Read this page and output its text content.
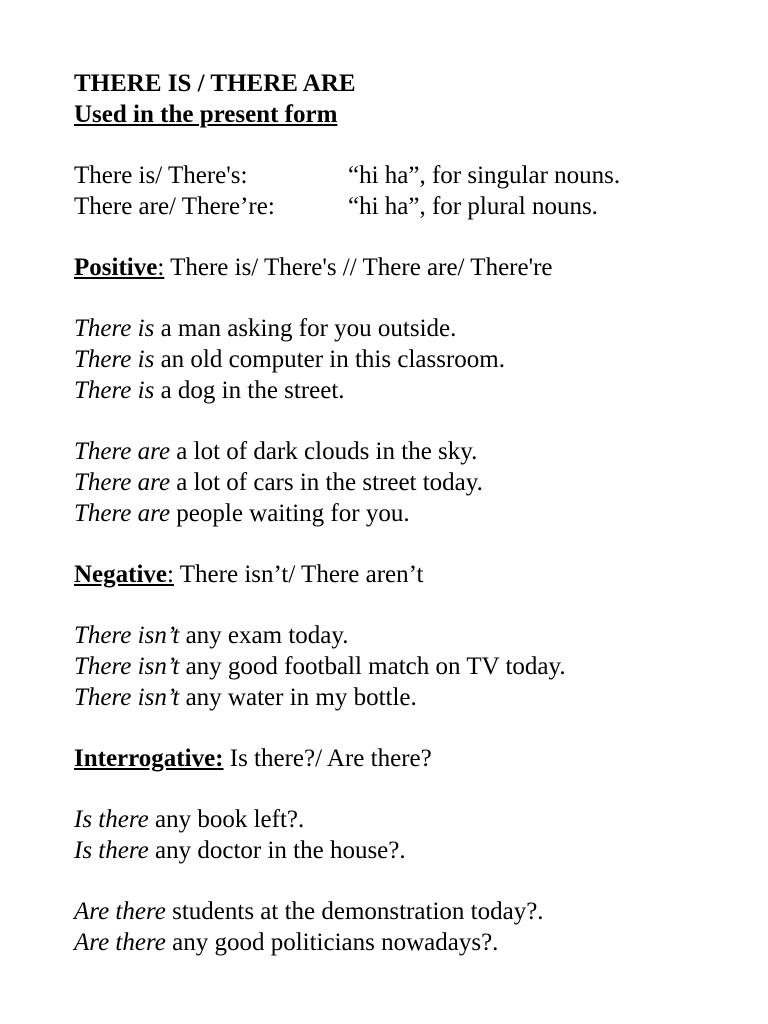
THERE IS / THERE ARE
Used in the present form
There is/ There's:	“hi ha”, for singular nouns.
There are/ There’re:	“hi ha”, for plural nouns.
Positive: There is/ There's // There are/ There're
There is a man asking for you outside.
There is an old computer in this classroom.
There is a dog in the street.
There are a lot of dark clouds in the sky.
There are a lot of cars in the street today.
There are people waiting for you.
Negative: There isn’t/ There aren’t
There isn’t any exam today.
There isn’t any good football match on TV today.
There isn’t any water in my bottle.
Interrogative: Is there?/ Are there?
Is there any book left?.
Is there any doctor in the house?.
Are there students at the demonstration today?.
Are there any good politicians nowadays?.
